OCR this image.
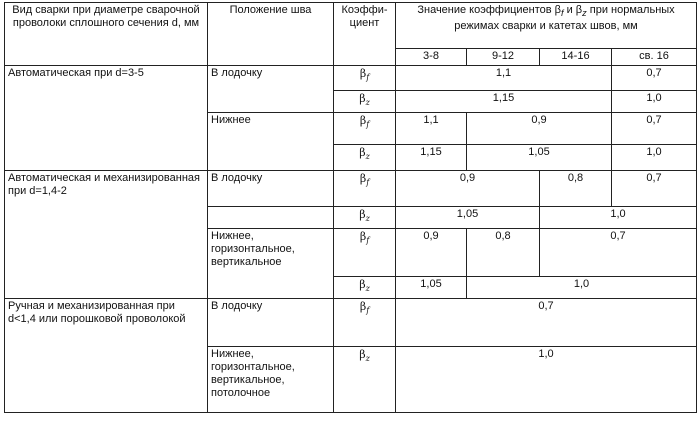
Вид сварки при диаметре сварочной проволоки сплошного сечения d, мм	Положение шва	Коэффи-циент	Значение коэффициентов $\beta_f$ и $\beta_z$ при нормальных режимах сварки и катетах швов, мм			
			3-8	9-12	14-16	св. 16
Автоматическая при d=3-5	В лодочку	$\beta_f$	1,1			0,7
		$\beta_z$	1,15			1,0
	Нижнее	$\beta_f$	1,1	0,9		0,7
		$\beta_z$	1,15	1,05		1,0
Автоматическая и механизированная при d=1,4-2	В лодочку	$\beta_f$	0,9		0,8	0,7
		$\beta_z$	1,05		1,0	
	Нижнее, горизонтальное, вертикальное	$\beta_f$	0,9	0,8	0,7	
		$\beta_z$	1,05	1,0		
Ручная и механизированная при d<1,4 или порошковой проволокой	В лодочку	$\beta_f$	0,7			
	Нижнее, горизонтальное, вертикальное, потолочное	$\beta_z$	1,0			
